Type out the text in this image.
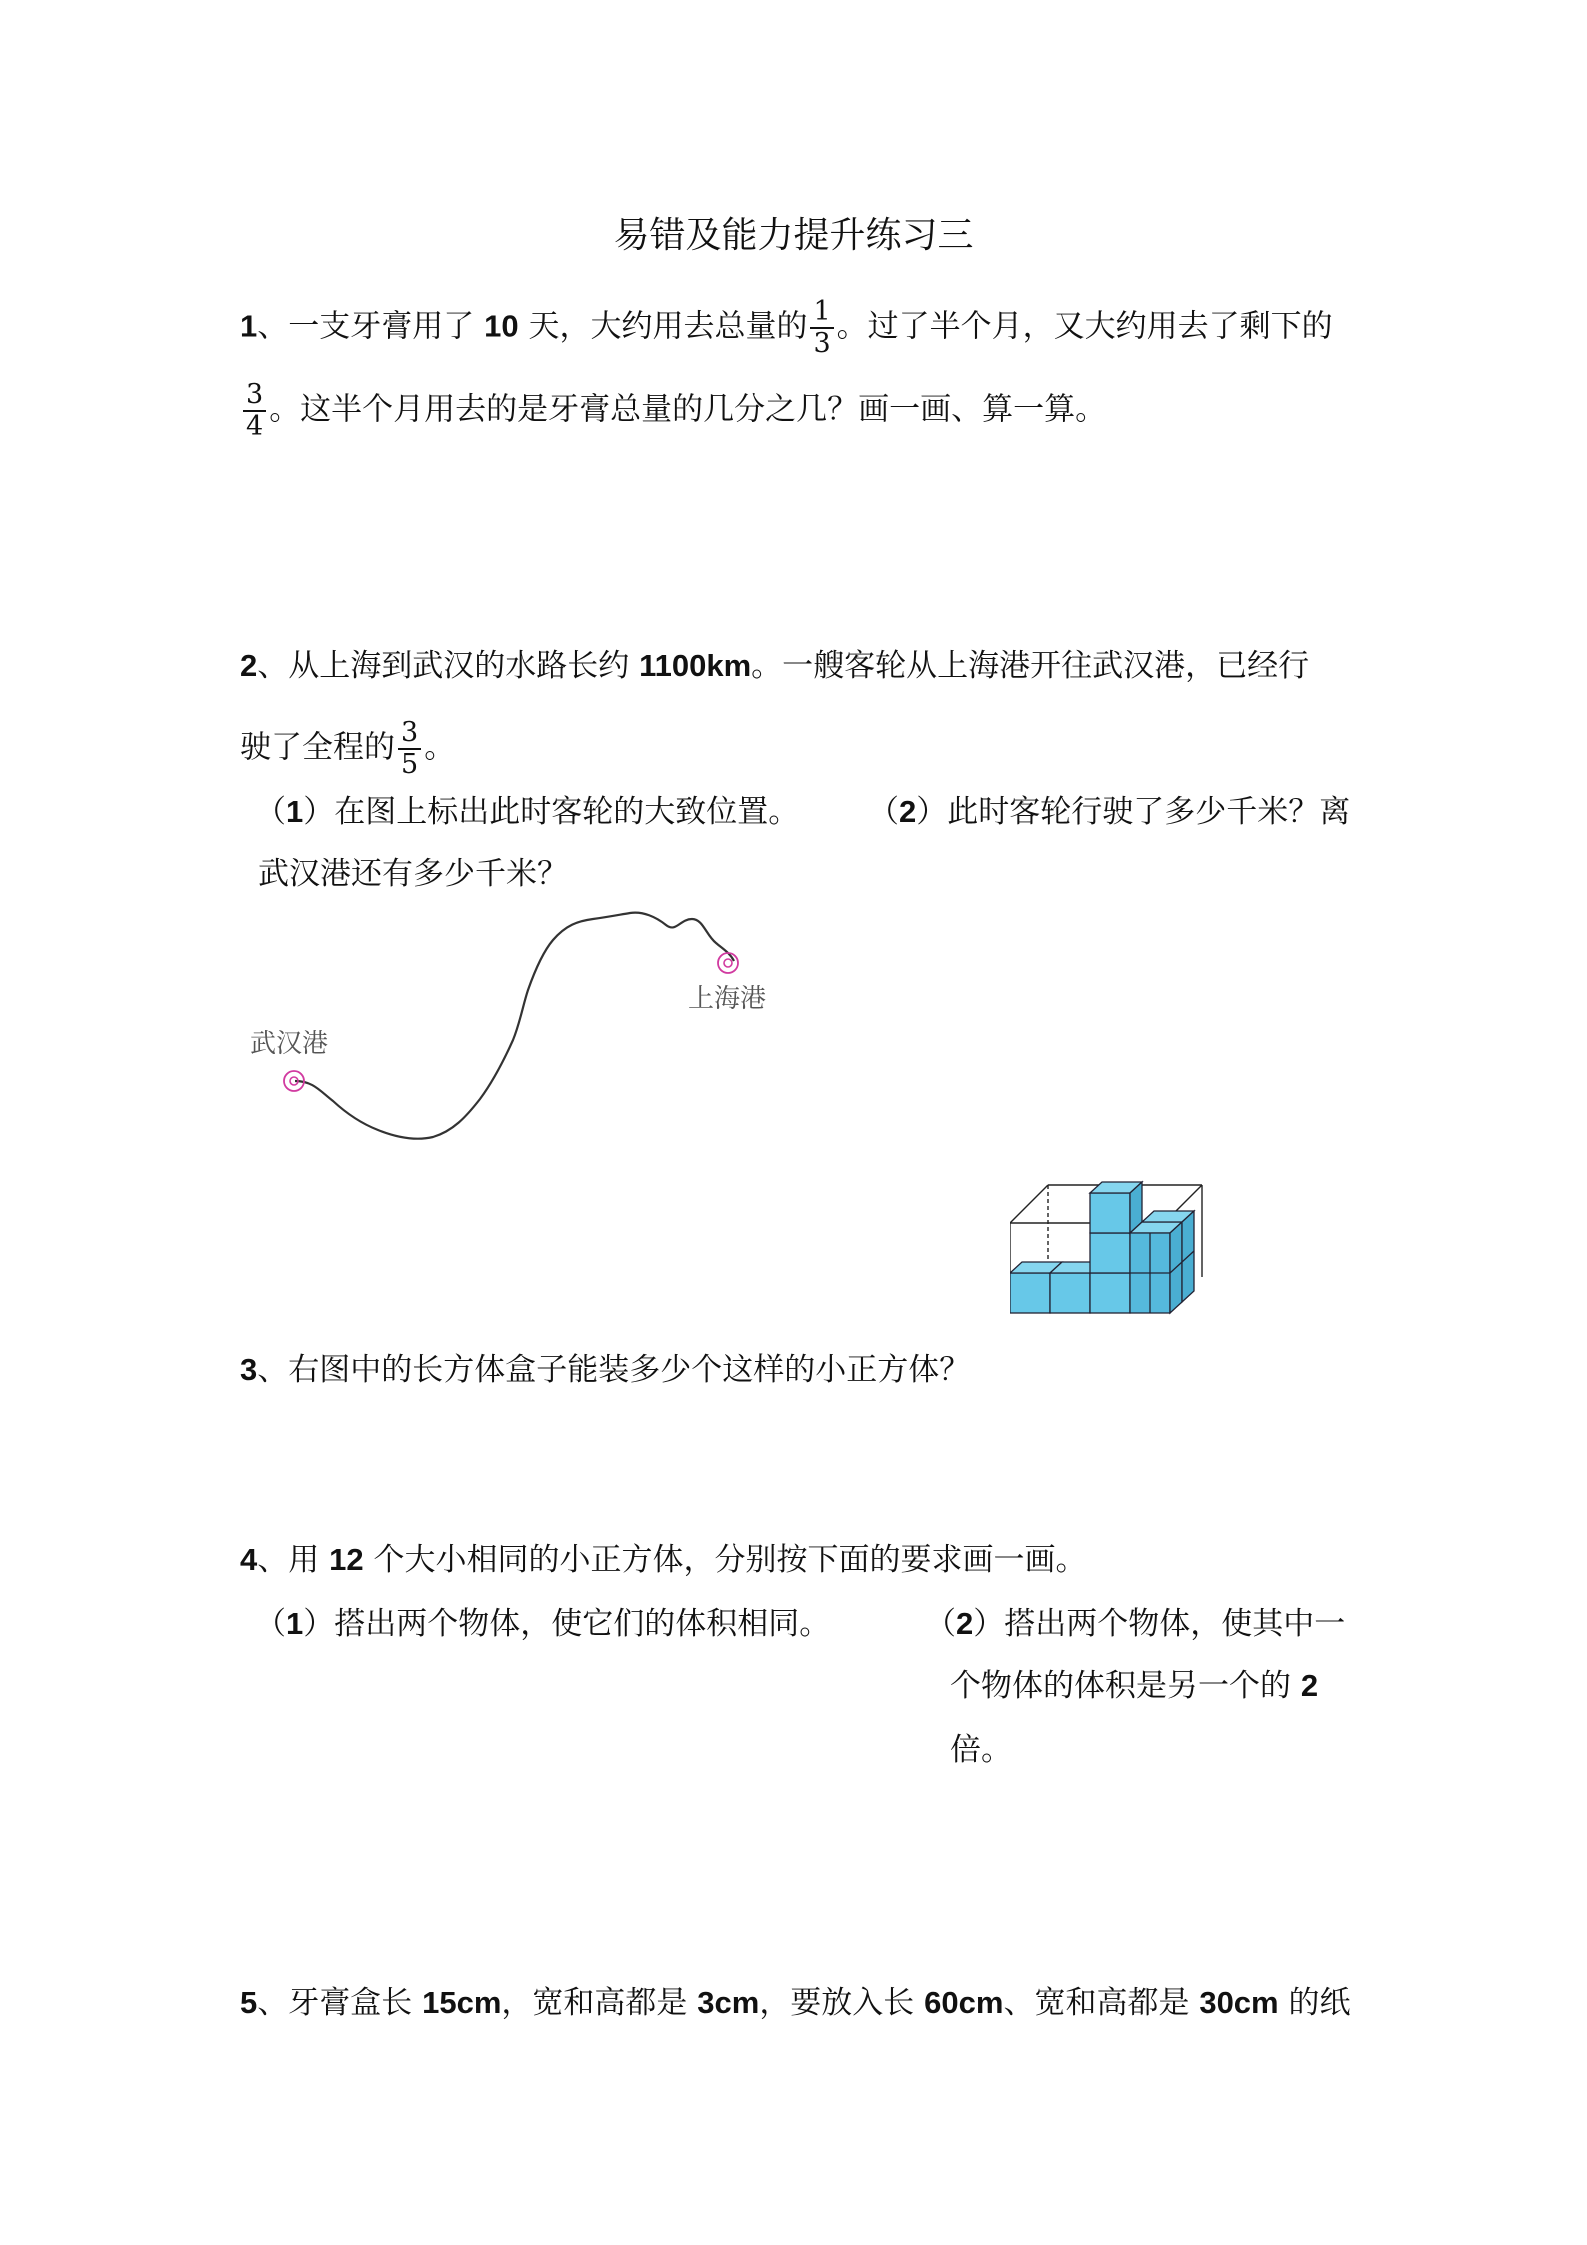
易错及能力提升练习三
1、一支牙膏用了 10 天，大约用去总量的 $\frac{1}{3}$ 。过了半个月，又大约用去了剩下的
$\frac{3}{4}$ 。这半个月用去的是牙膏总量的几分之几？画一画、算一算。
2、从上海到武汉的水路长约 1100km。一艘客轮从上海港开往武汉港，已经行
驶了全程的 $\frac{3}{5}$ 。
（1）在图上标出此时客轮的大致位置。 （2）此时客轮行驶了多少千米？离
武汉港还有多少千米？
武汉港
上海港
3、右图中的长方体盒子能装多少个这样的小正方体？
4、用 12 个大小相同的小正方体，分别按下面的要求画一画。
（1）搭出两个物体，使它们的体积相同。	（2）搭出两个物体，使其中一
个物体的体积是另一个的 2
倍。
5、牙膏盒长 15cm，宽和高都是 3cm，要放入长 60cm、宽和高都是 30cm 的纸
